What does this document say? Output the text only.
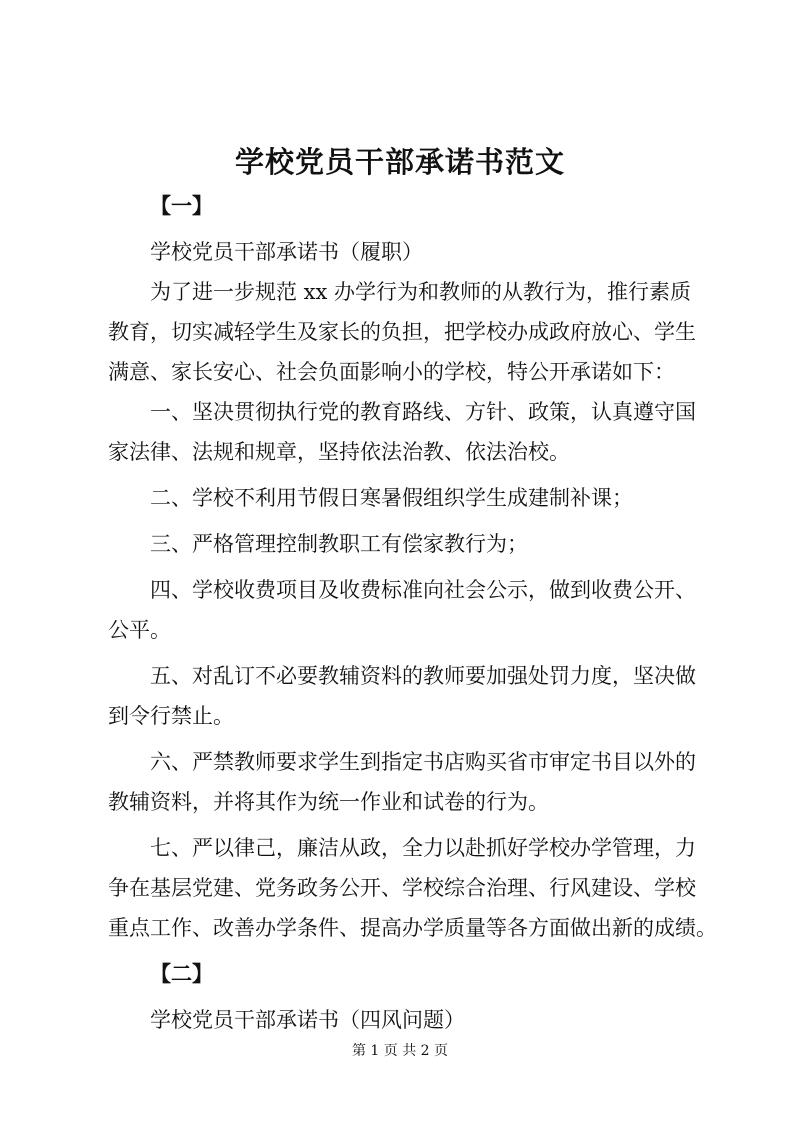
学校党员干部承诺书范文
【一】
学校党员干部承诺书（履职）
为了进一步规范 xx 办学行为和教师的从教行为，推行素质
教育，切实减轻学生及家长的负担，把学校办成政府放心、学生
满意、家长安心、社会负面影响小的学校，特公开承诺如下：
一、坚决贯彻执行党的教育路线、方针、政策，认真遵守国
家法律、法规和规章，坚持依法治教、依法治校。
二、学校不利用节假日寒暑假组织学生成建制补课；
三、严格管理控制教职工有偿家教行为；
四、学校收费项目及收费标准向社会公示，做到收费公开、
公平。
五、对乱订不必要教辅资料的教师要加强处罚力度，坚决做
到令行禁止。
六、严禁教师要求学生到指定书店购买省市审定书目以外的
教辅资料，并将其作为统一作业和试卷的行为。
七、严以律己，廉洁从政，全力以赴抓好学校办学管理，力
争在基层党建、党务政务公开、学校综合治理、行风建设、学校
重点工作、改善办学条件、提高办学质量等各方面做出新的成绩。
【二】
学校党员干部承诺书（四风问题）
第 1 页 共 2 页
